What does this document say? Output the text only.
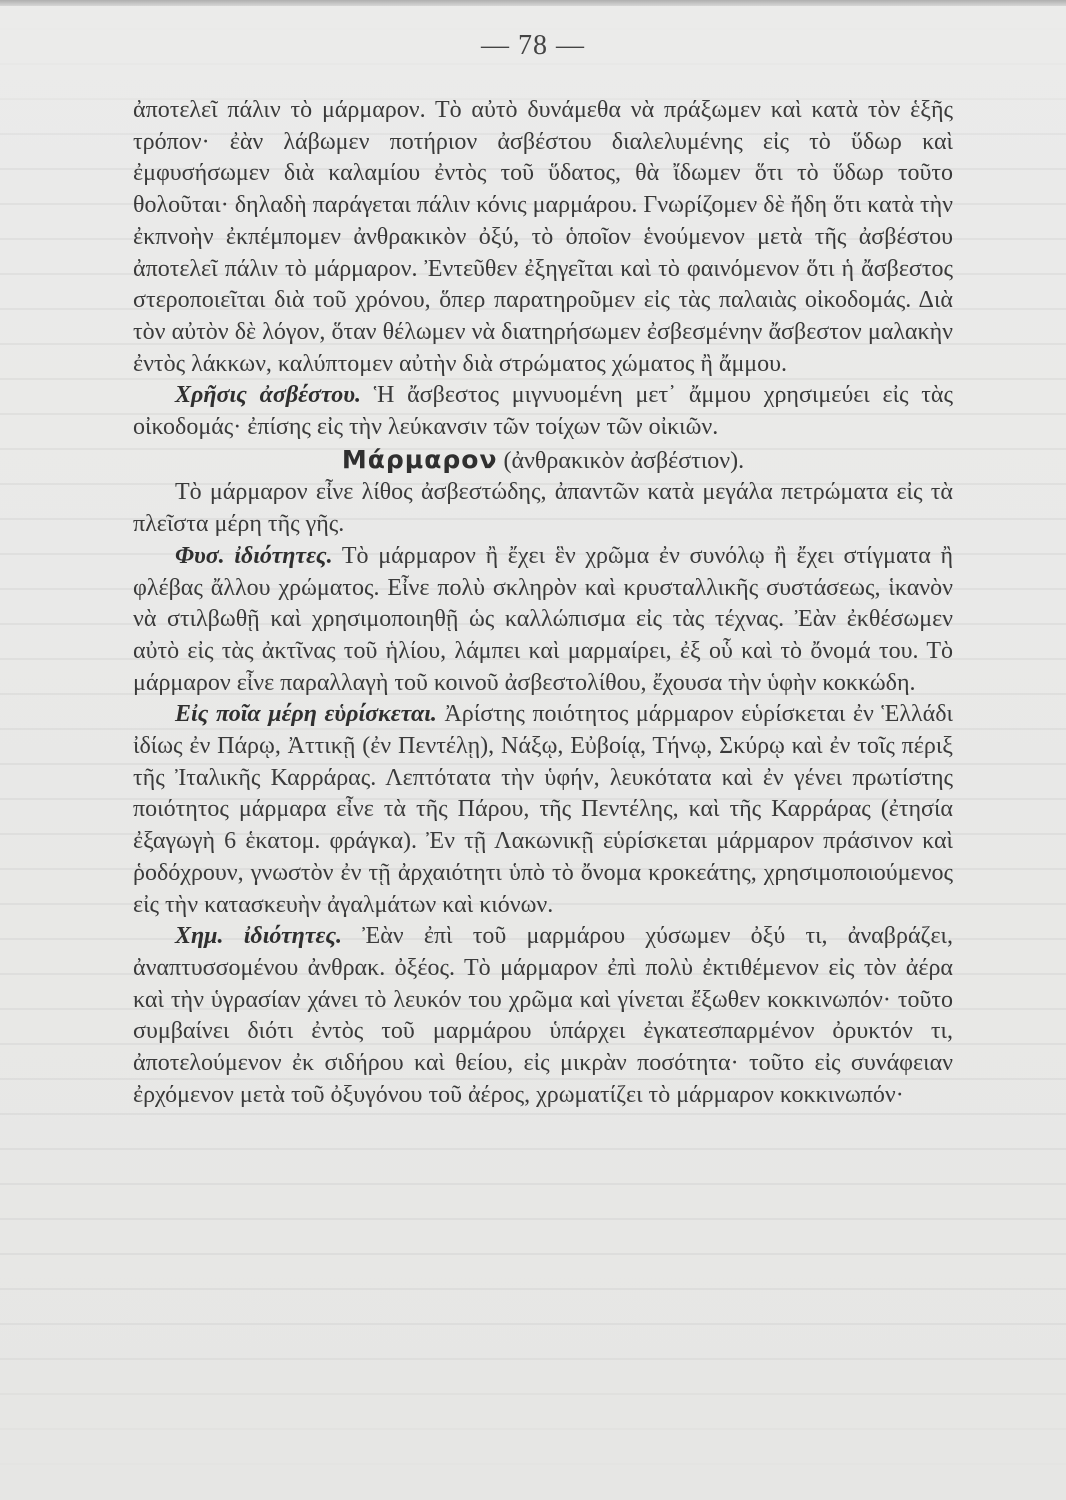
— 78 —

ἀποτελεῖ πάλιν τὸ μάρμαρον. Τὸ αὐτὸ δυνάμεθα νὰ πράξωμεν καὶ κατὰ τὸν ἑξῆς τρόπον· ἐὰν λάβωμεν ποτήριον ἀσβέστου διαλελυμένης εἰς τὸ ὕδωρ καὶ ἐμφυσήσωμεν διὰ καλαμίου ἐντὸς τοῦ ὕδατος, θὰ ἴδωμεν ὅτι τὸ ὕδωρ τοῦτο θολοῦται· δηλαδὴ παράγεται πάλιν κόνις μαρμάρου. Γνωρίζομεν δὲ ἤδη ὅτι κατὰ τὴν ἐκπνοὴν ἐκπέμπομεν ἀνθρακικὸν ὀξύ, τὸ ὁποῖον ἑνούμενον μετὰ τῆς ἀσβέστου ἀποτελεῖ πάλιν τὸ μάρμαρον. Ἐντεῦθεν ἐξηγεῖται καὶ τὸ φαινόμενον ὅτι ἡ ἄσβεστος στεροποιεῖται διὰ τοῦ χρόνου, ὅπερ παρατηροῦμεν εἰς τὰς παλαιὰς οἰκοδομάς. Διὰ τὸν αὐτὸν δὲ λόγον, ὅταν θέλωμεν νὰ διατηρήσωμεν ἐσβεσμένην ἄσβεστον μαλακὴν ἐντὸς λάκκων, καλύπτομεν αὐτὴν διὰ στρώματος χώματος ἢ ἄμμου.

Χρῆσις ἀσβέστου. Ἡ ἄσβεστος μιγνυομένη μετ᾽ ἄμμου χρησιμεύει εἰς τὰς οἰκοδομάς· ἐπίσης εἰς τὴν λεύκανσιν τῶν τοίχων τῶν οἰκιῶν.

Μάρμαρον (ἀνθρακικὸν ἀσβέστιον).

Τὸ μάρμαρον εἶνε λίθος ἀσβεστώδης, ἀπαντῶν κατὰ μεγάλα πετρώματα εἰς τὰ πλεῖστα μέρη τῆς γῆς.

Φυσ. ἰδιότητες. Τὸ μάρμαρον ἢ ἔχει ἓν χρῶμα ἐν συνόλῳ ἢ ἔχει στίγματα ἢ φλέβας ἄλλου χρώματος. Εἶνε πολὺ σκληρὸν καὶ κρυσταλλικῆς συστάσεως, ἱκανὸν νὰ στιλβωθῇ καὶ χρησιμοποιηθῇ ὡς καλλώπισμα εἰς τὰς τέχνας. Ἐὰν ἐκθέσωμεν αὐτὸ εἰς τὰς ἀκτῖνας τοῦ ἡλίου, λάμπει καὶ μαρμαίρει, ἐξ οὗ καὶ τὸ ὄνομά του. Τὸ μάρμαρον εἶνε παραλλαγὴ τοῦ κοινοῦ ἀσβεστολίθου, ἔχουσα τὴν ὑφὴν κοκκώδη.

Εἰς ποῖα μέρη εὑρίσκεται. Ἀρίστης ποιότητος μάρμαρον εὑρίσκεται ἐν Ἑλλάδι ἰδίως ἐν Πάρῳ, Ἀττικῇ (ἐν Πεντέλῃ), Νάξῳ, Εὐβοίᾳ, Τήνῳ, Σκύρῳ καὶ ἐν τοῖς πέριξ τῆς Ἰταλικῆς Καρράρας. Λεπτότατα τὴν ὑφήν, λευκότατα καὶ ἐν γένει πρωτίστης ποιότητος μάρμαρα εἶνε τὰ τῆς Πάρου, τῆς Πεντέλης, καὶ τῆς Καρράρας (ἐτησία ἐξαγωγὴ 6 ἑκατομ. φράγκα). Ἐν τῇ Λακωνικῇ εὑρίσκεται μάρμαρον πράσινον καὶ ῥοδόχρουν, γνωστὸν ἐν τῇ ἀρχαιότητι ὑπὸ τὸ ὄνομα κροκεάτης, χρησιμοποιούμενος εἰς τὴν κατασκευὴν ἀγαλμάτων καὶ κιόνων.

Χημ. ἰδιότητες. Ἐὰν ἐπὶ τοῦ μαρμάρου χύσωμεν ὀξύ τι, ἀναβράζει, ἀναπτυσσομένου ἀνθρακ. ὀξέος. Τὸ μάρμαρον ἐπὶ πολὺ ἐκτιθέμενον εἰς τὸν ἀέρα καὶ τὴν ὑγρασίαν χάνει τὸ λευκόν του χρῶμα καὶ γίνεται ἔξωθεν κοκκινωπόν· τοῦτο συμβαίνει διότι ἐντὸς τοῦ μαρμάρου ὑπάρχει ἐγκατεσπαρμένον ὀρυκτόν τι, ἀποτελούμενον ἐκ σιδήρου καὶ θείου, εἰς μικρὰν ποσότητα· τοῦτο εἰς συνάφειαν ἐρχόμενον μετὰ τοῦ ὀξυγόνου τοῦ ἀέρος, χρωματίζει τὸ μάρμαρον κοκκινωπόν·
